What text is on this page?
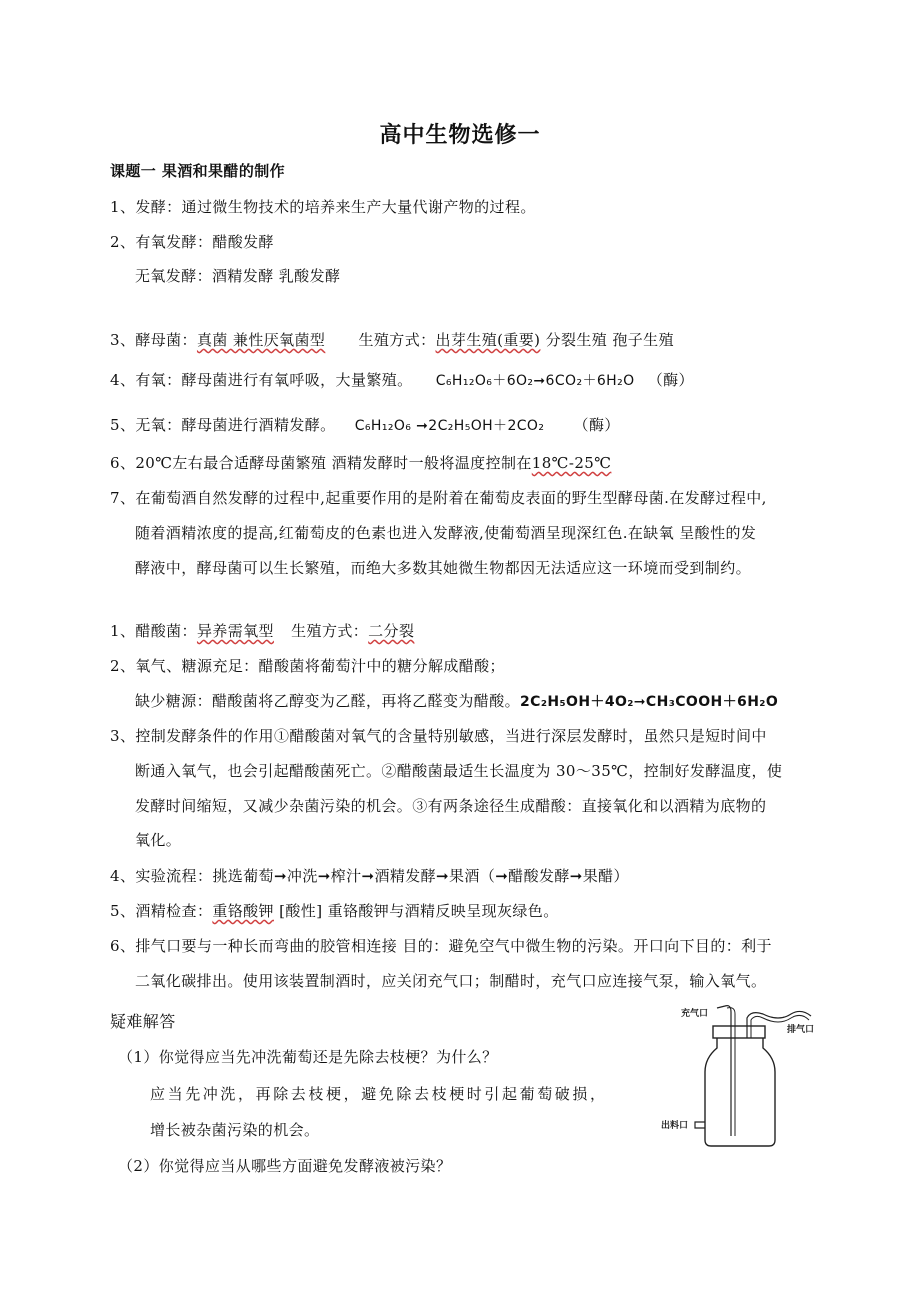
高中生物选修一
课题一 果酒和果醋的制作
1、发酵：通过微生物技术的培养来生产大量代谢产物的过程。
2、有氧发酵：醋酸发酵
无氧发酵：酒精发酵 乳酸发酵
3、酵母菌：真菌 兼性厌氧菌型 生殖方式：出芽生殖(重要) 分裂生殖 孢子生殖
4、有氧：酵母菌进行有氧呼吸，大量繁殖。 C₆H₁₂O₆＋6O₂➞6CO₂＋6H₂O （酶）
5、无氧：酵母菌进行酒精发酵。 C₆H₁₂O₆ ➞2C₂H₅OH＋2CO₂ （酶）
6、20℃左右最合适酵母菌繁殖 酒精发酵时一般将温度控制在18℃-25℃
7、在葡萄酒自然发酵的过程中,起重要作用的是附着在葡萄皮表面的野生型酵母菌.在发酵过程中,
随着酒精浓度的提高,红葡萄皮的色素也进入发酵液,使葡萄酒呈现深红色.在缺氧 呈酸性的发
酵液中，酵母菌可以生长繁殖，而绝大多数其她微生物都因无法适应这一环境而受到制约。
1、醋酸菌：异养需氧型 生殖方式：二分裂
2、氧气、糖源充足：醋酸菌将葡萄汁中的糖分解成醋酸；
缺少糖源：醋酸菌将乙醇变为乙醛，再将乙醛变为醋酸。2C₂H₅OH＋4O₂➞CH₃COOH＋6H₂O
3、控制发酵条件的作用①醋酸菌对氧气的含量特别敏感，当进行深层发酵时，虽然只是短时间中
断通入氧气，也会引起醋酸菌死亡。②醋酸菌最适生长温度为 30～35℃，控制好发酵温度，使
发酵时间缩短，又减少杂菌污染的机会。③有两条途径生成醋酸：直接氧化和以酒精为底物的
氧化。
4、实验流程：挑选葡萄➞冲洗➞榨汁➞酒精发酵➞果酒（➞醋酸发酵➞果醋）
5、酒精检查：重铬酸钾 [酸性] 重铬酸钾与酒精反映呈现灰绿色。
6、排气口要与一种长而弯曲的胶管相连接 目的：避免空气中微生物的污染。开口向下目的：利于
二氧化碳排出。使用该装置制酒时，应关闭充气口；制醋时，充气口应连接气泵，输入氧气。
疑难解答
（1）你觉得应当先冲洗葡萄还是先除去枝梗？为什么？
应当先冲洗，再除去枝梗，避免除去枝梗时引起葡萄破损，
增长被杂菌污染的机会。
（2）你觉得应当从哪些方面避免发酵液被污染？
充气口
排气口
出料口
